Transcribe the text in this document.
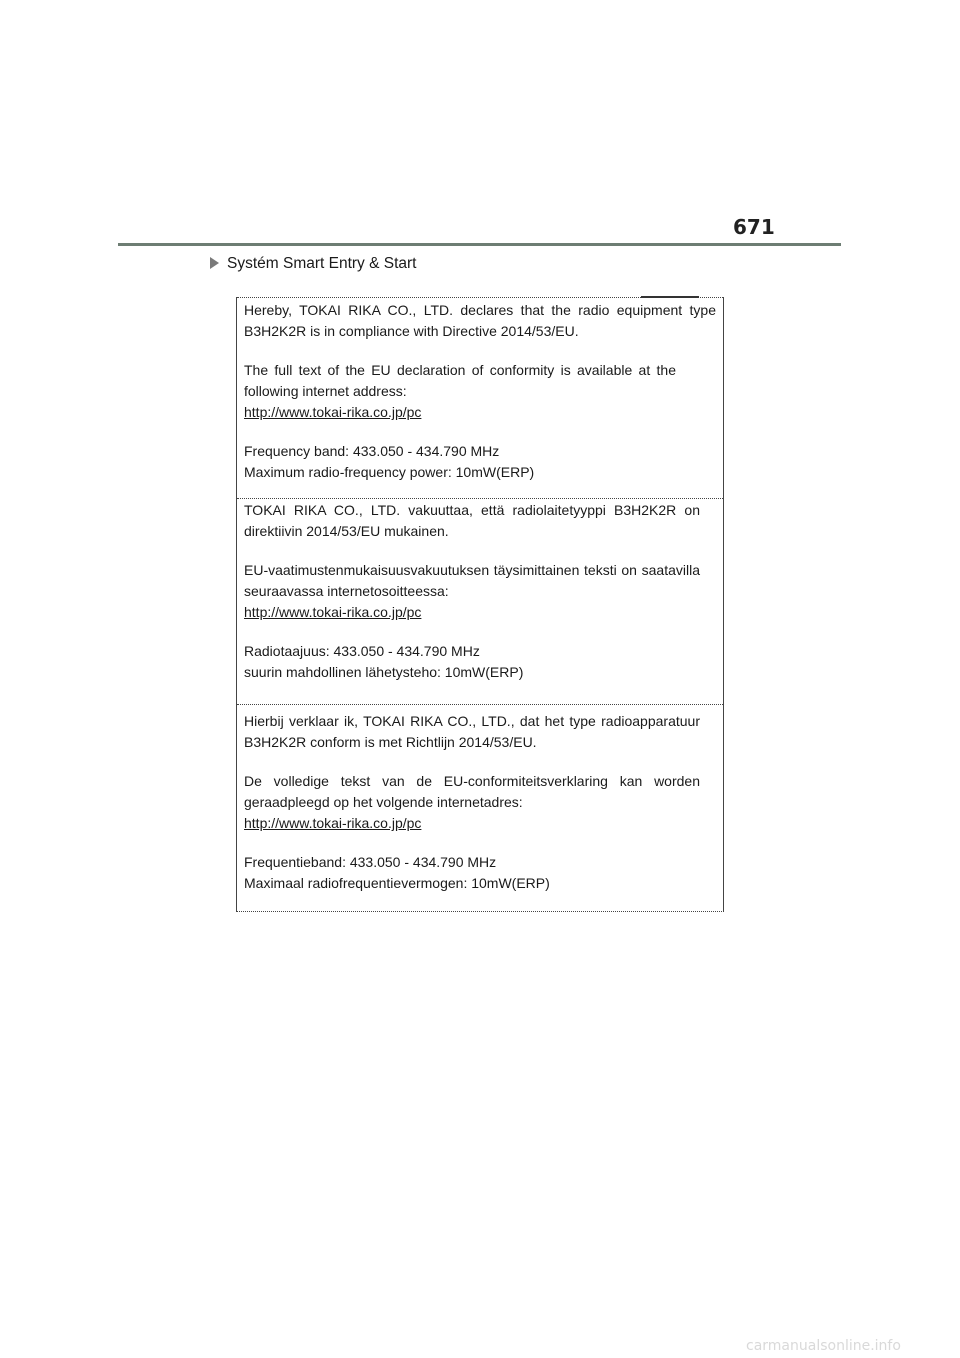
671
Systém Smart Entry & Start

Hereby, TOKAI RIKA CO., LTD. declares that the radio equipment type B3H2K2R is in compliance with Directive 2014/53/EU.

The full text of the EU declaration of conformity is available at the following internet address:

http://www.tokai-rika.co.jp/pc
Frequency band: 433.050 - 434.790 MHz
Maximum radio-frequency power: 10mW(ERP)

TOKAI RIKA CO., LTD. vakuuttaa, että radiolaitetyyppi B3H2K2R on direktiivin 2014/53/EU mukainen.

EU-vaatimustenmukaisuusvakuutuksen täysimittainen teksti on saatavilla seuraavassa internetosoitteessa:

http://www.tokai-rika.co.jp/pc
Radiotaajuus: 433.050 - 434.790 MHz
suurin mahdollinen lähetysteho: 10mW(ERP)

Hierbij verklaar ik, TOKAI RIKA CO., LTD., dat het type radioapparatuur B3H2K2R conform is met Richtlijn 2014/53/EU.

De volledige tekst van de EU-conformiteitsverklaring kan worden geraadpleegd op het volgende internetadres:

http://www.tokai-rika.co.jp/pc
Frequentieband: 433.050 - 434.790 MHz
Maximaal radiofrequentievermogen: 10mW(ERP)
carmanualsonline.info
